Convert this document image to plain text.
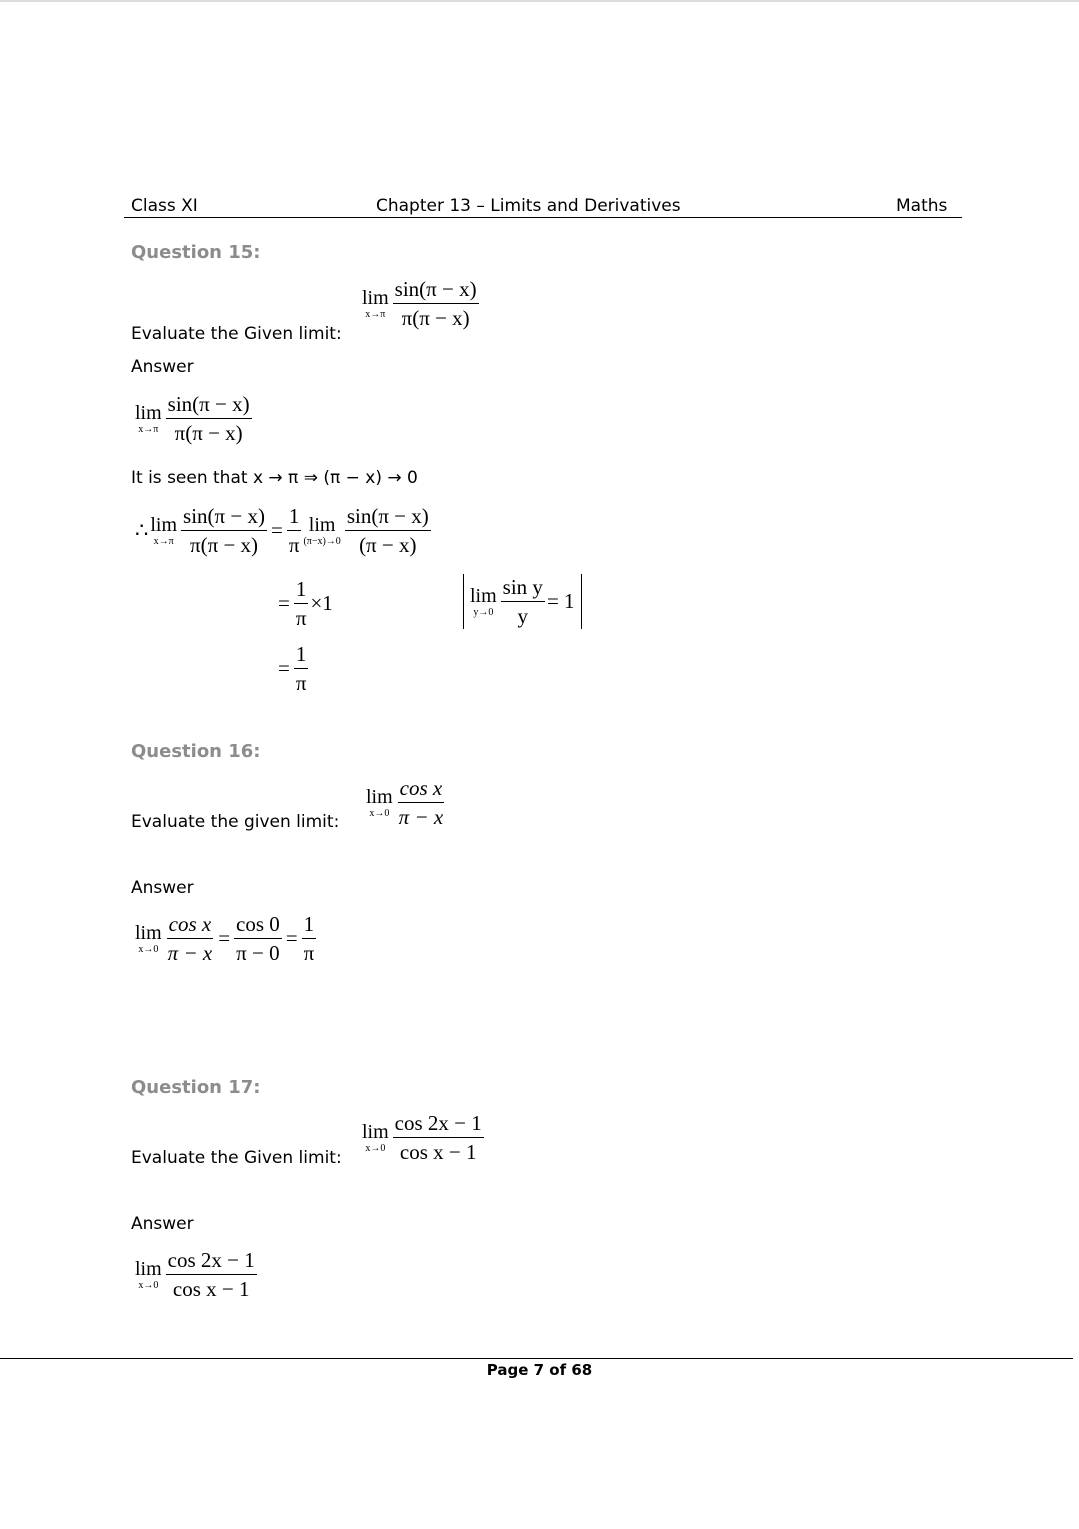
Class XI	Chapter 13 – Limits and Derivatives	Maths
Question 15:
Evaluate the Given limit:
lim
$x\to\pi \frac{\sin(\pi - x)}{\pi(\pi - x)}$
Answer
lim
$x\to\pi \frac{\sin(\pi - x)}{\pi(\pi - x)}$
It is seen that x → π ⇒ (π − x) → 0
∴ lim
$x\to\pi \frac{\sin(\pi - x)}{\pi(\pi - x)} = \frac{1}{\pi}$ lim
$(\pi-x)\to 0 \frac{\sin(\pi - x)}{(\pi - x)}$
= $\frac{1}{\pi} \times 1$	lim
$y\to 0 \frac{\text{sin y}}{y} = 1$
= $\frac{1}{\pi}$
Question 16:
Evaluate the given limit:
lim
$x\to 0 \frac{\text{cos x}}{\pi - x}$
Answer
lim
$x\to 0 \frac{\text{cos x}}{\pi - x} = \frac{\cos 0}{\pi - 0} = \frac{1}{\pi}$
Question 17:
Evaluate the Given limit:
lim
$x\to 0 \frac{\cos 2x - 1}{\text{cos x − 1}}$
Answer
lim
$x\to 0 \frac{\cos 2x - 1}{\text{cos x − 1}}$
Page 7 of 68
